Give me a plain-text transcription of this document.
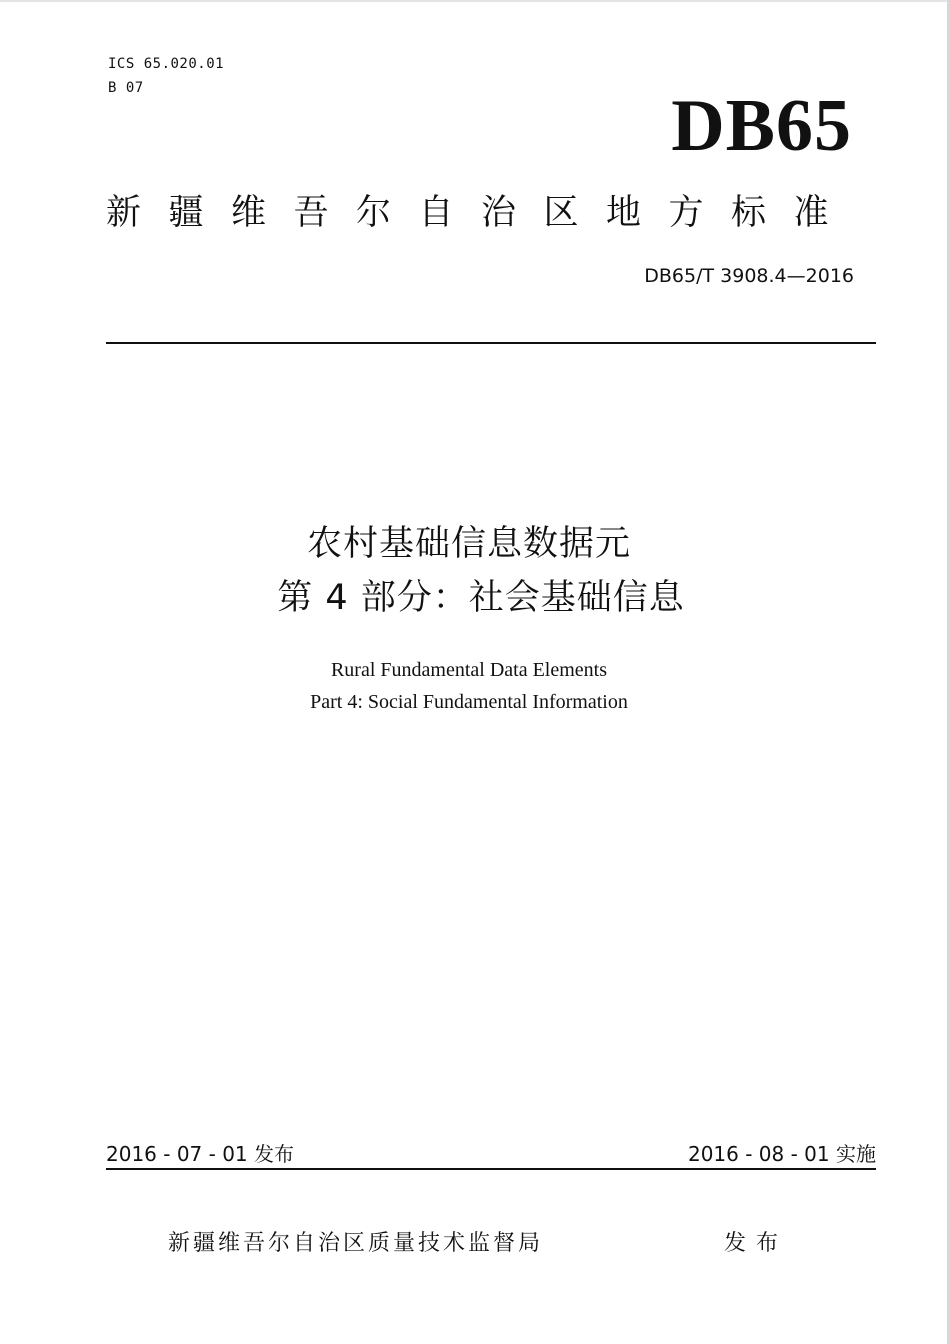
ICS 65.020.01
B 07	DB65
新疆维吾尔自治区地方标准
DB65/T 3908.4—2016
农村基础信息数据元
第 4 部分：社会基础信息
Rural Fundamental Data Elements
Part 4: Social Fundamental Information
2016 - 07 - 01 发布	2016 - 08 - 01 实施
新疆维吾尔自治区质量技术监督局	发布
